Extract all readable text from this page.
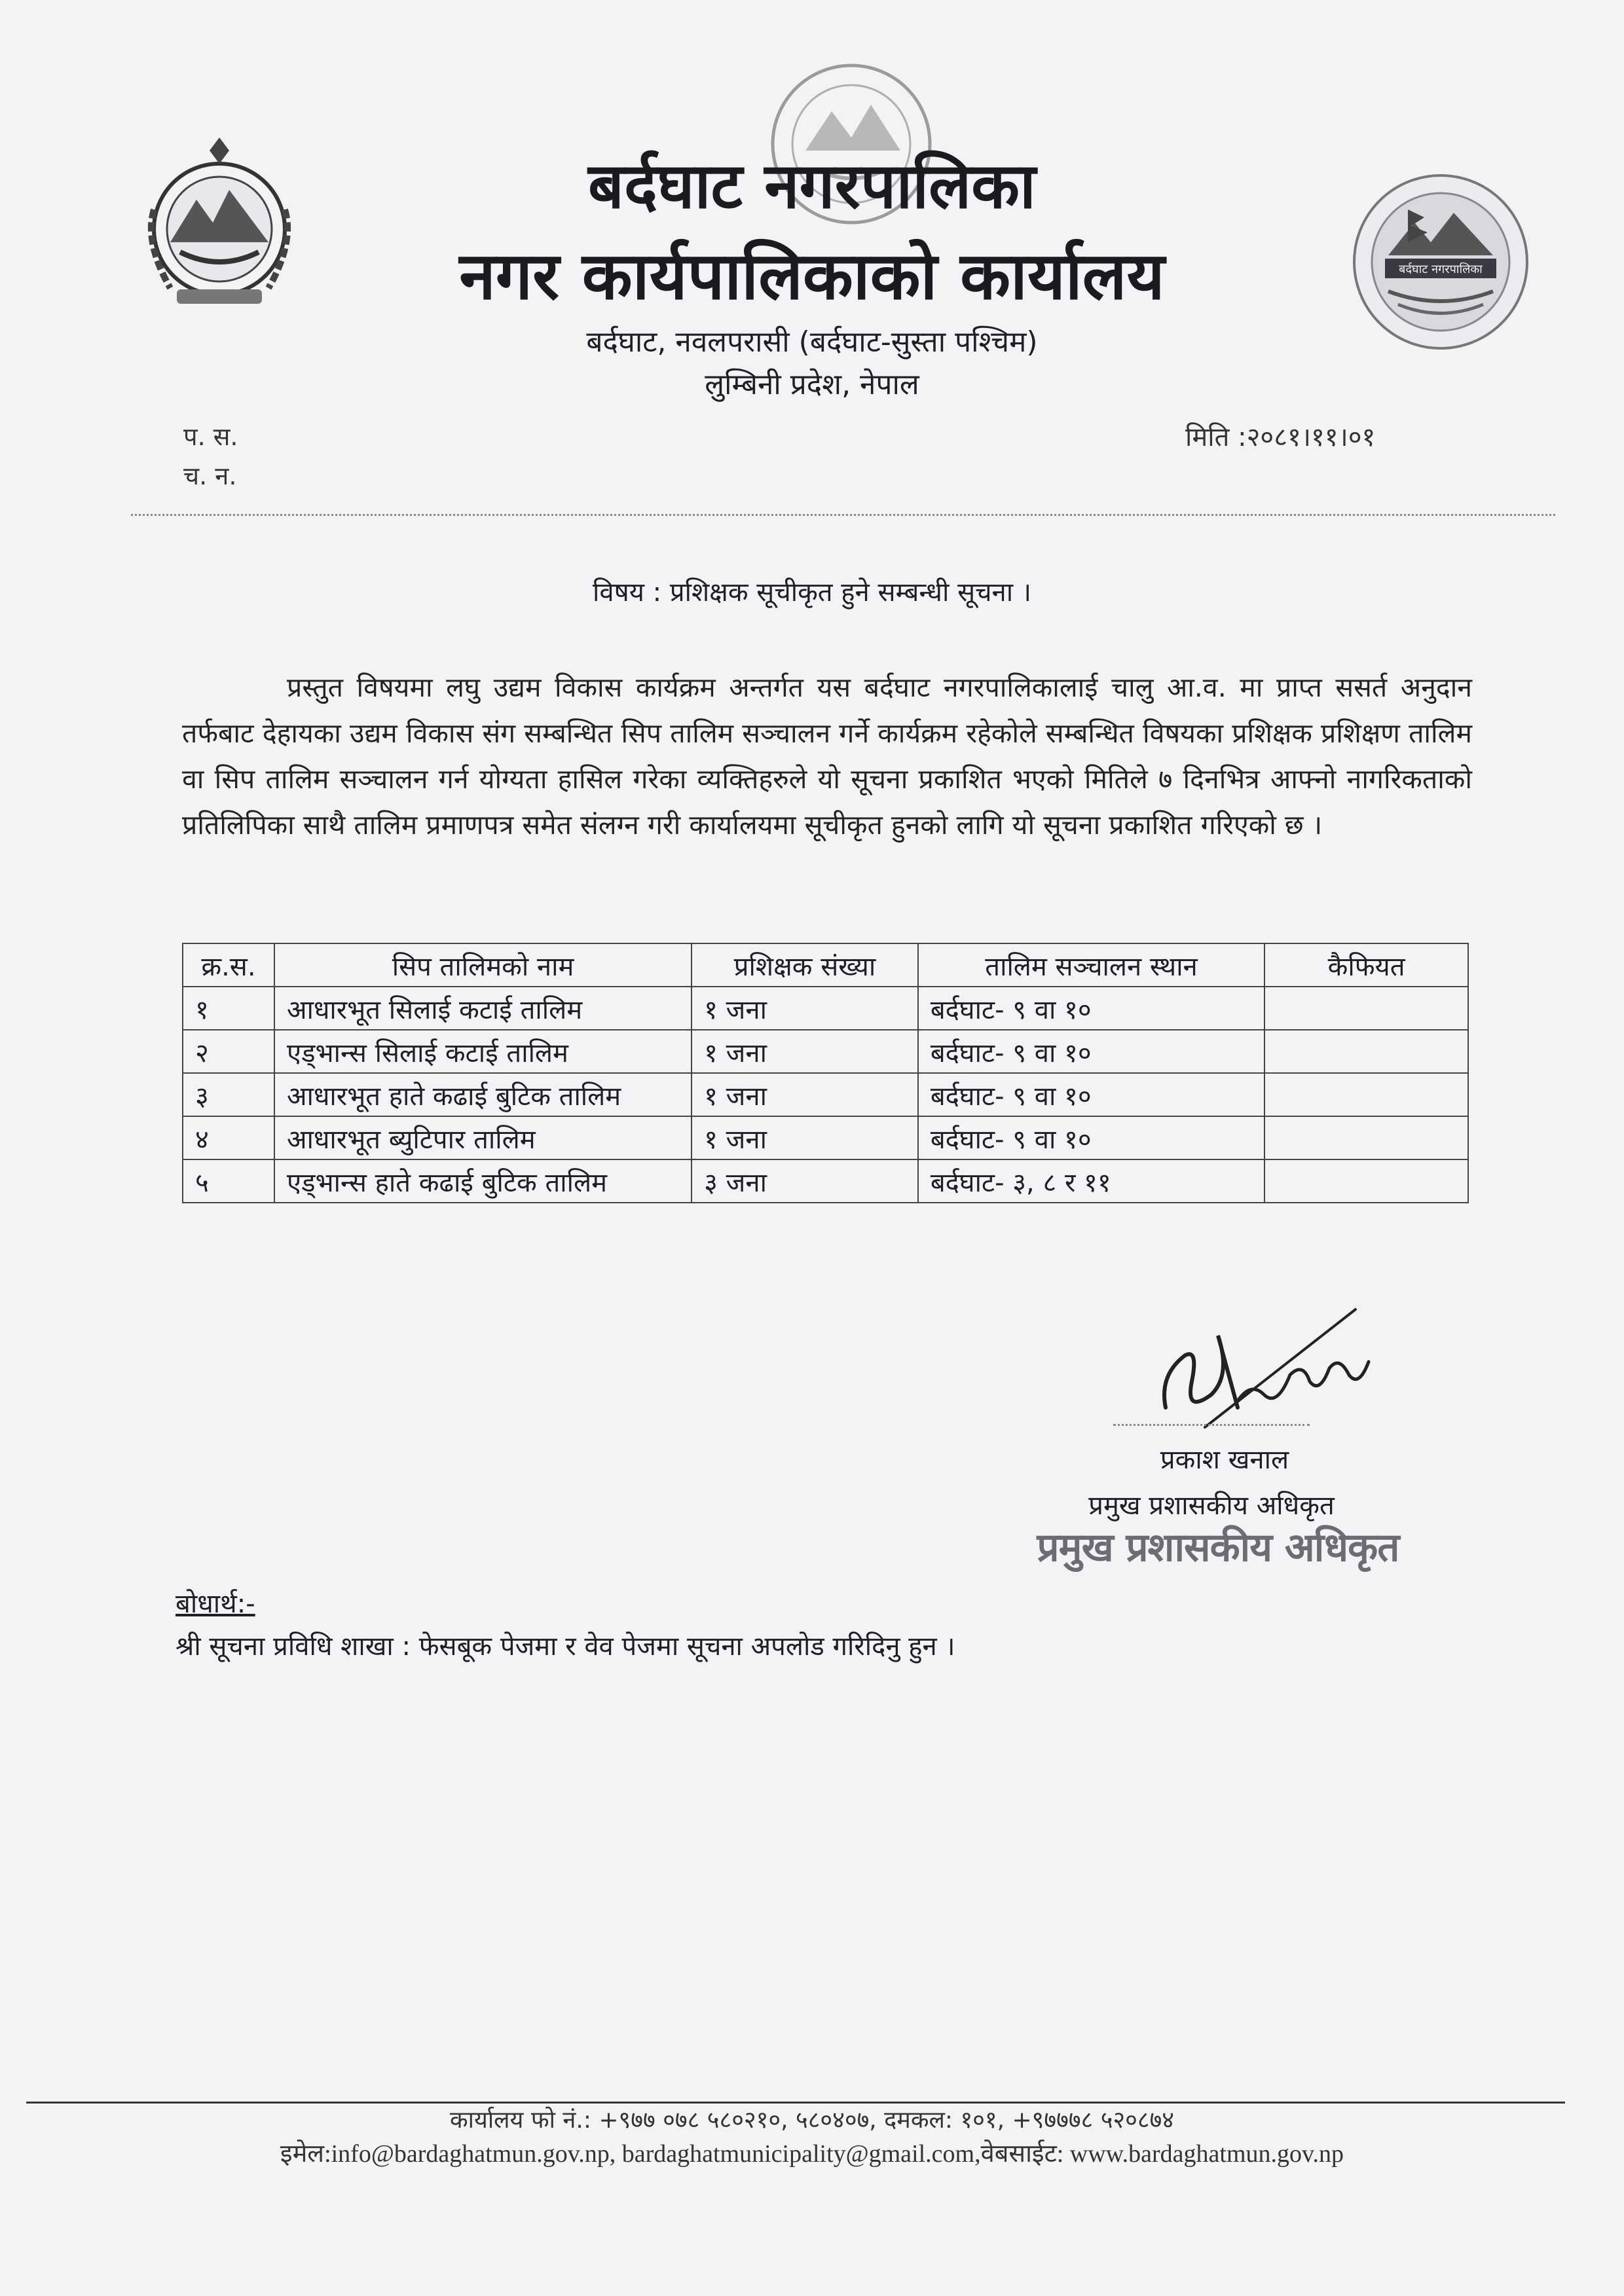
बर्दघाट नगरपालिका
बर्दघाट नगरपालिका
नगर कार्यपालिकाको कार्यालय
बर्दघाट, नवलपरासी (बर्दघाट-सुस्ता पश्चिम)
लुम्बिनी प्रदेश, नेपाल
प. स.
च. न.
मिति :२०८१।११।०१
विषय : प्रशिक्षक सूचीकृत हुने सम्बन्धी सूचना ।
प्रस्तुत विषयमा लघु उद्यम विकास कार्यक्रम अन्तर्गत यस बर्दघाट नगरपालिकालाई चालु आ.व. मा प्राप्त ससर्त अनुदान तर्फबाट देहायका उद्यम विकास संग सम्बन्धित सिप तालिम सञ्चालन गर्ने कार्यक्रम रहेकोले सम्बन्धित विषयका प्रशिक्षक प्रशिक्षण तालिम वा सिप तालिम सञ्चालन गर्न योग्यता हासिल गरेका व्यक्तिहरुले यो सूचना प्रकाशित भएको मितिले ७ दिनभित्र आफ्नो नागरिकताको प्रतिलिपिका साथै तालिम प्रमाणपत्र समेत संलग्न गरी कार्यालयमा सूचीकृत हुनको लागि यो सूचना प्रकाशित गरिएको छ ।
क्र.स.	सिप तालिमको नाम	प्रशिक्षक संख्या	तालिम सञ्चालन स्थान	कैफियत
१	आधारभूत सिलाई कटाई तालिम	१ जना	बर्दघाट- ९ वा १०	
२	एड्भान्स सिलाई कटाई तालिम	१ जना	बर्दघाट- ९ वा १०	
३	आधारभूत हाते कढाई बुटिक तालिम	१ जना	बर्दघाट- ९ वा १०	
४	आधारभूत ब्युटिपार तालिम	१ जना	बर्दघाट- ९ वा १०	
५	एड्भान्स हाते कढाई बुटिक तालिम	३ जना	बर्दघाट- ३, ८ र ११	
प्रकाश खनाल
प्रमुख प्रशासकीय अधिकृत
प्रमुख प्रशासकीय अधिकृत
बोधार्थ:-
श्री सूचना प्रविधि शाखा : फेसबूक पेजमा र वेव पेजमा सूचना अपलोड गरिदिनु हुन ।
कार्यालय फो नं.: +९७७ ०७८ ५८०२१०, ५८०४०७, दमकल: १०१, +९७७७८ ५२०८७४
इमेल:info@bardaghatmun.gov.np, bardaghatmunicipality@gmail.com,वेबसाईट: www.bardaghatmun.gov.np
